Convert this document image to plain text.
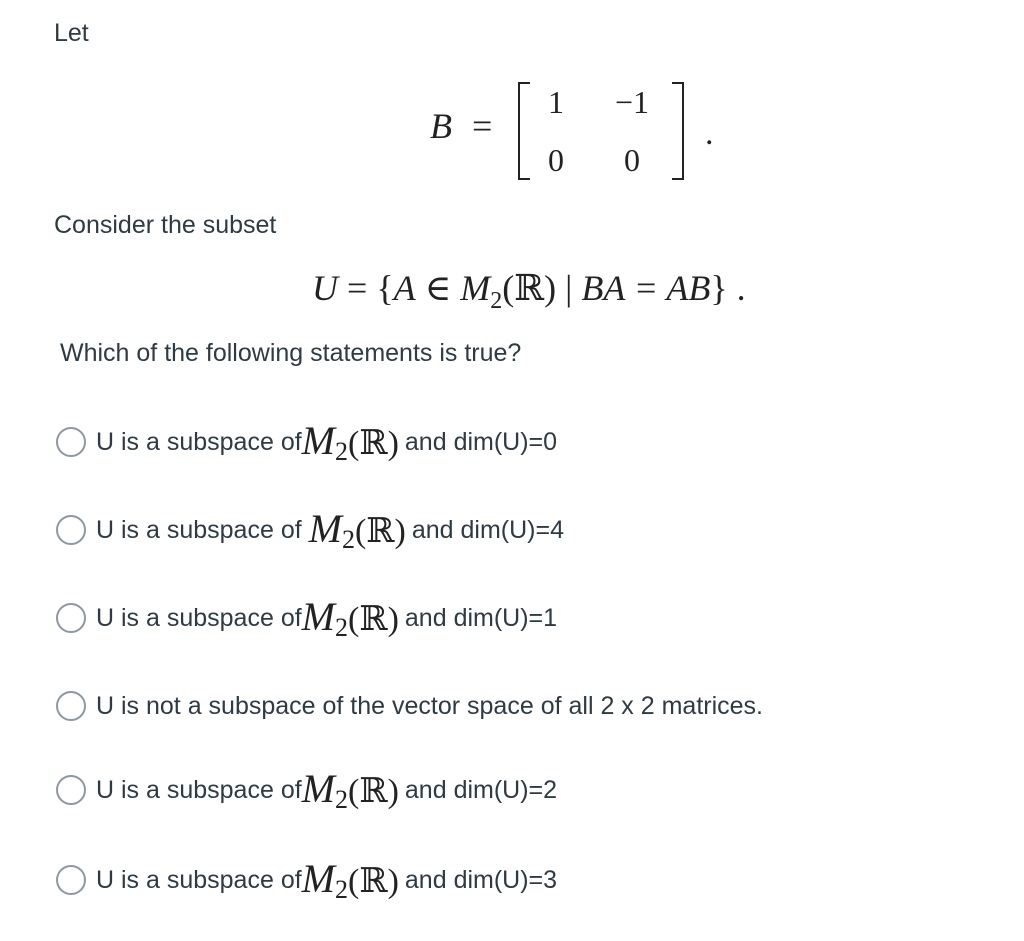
Let
B =
1	−1
0	0
.
Consider the subset
U = {A ∈ $M_2(ℝ)$ | BA = AB} .
Which of the following statements is true?
U is a subspace of $M_2(ℝ)$ and dim(U)=0
U is a subspace of $M_2(ℝ)$ and dim(U)=4
U is a subspace of $M_2(ℝ)$ and dim(U)=1
U is not a subspace of the vector space of all 2 x 2 matrices.
U is a subspace of $M_2(ℝ)$ and dim(U)=2
U is a subspace of $M_2(ℝ)$ and dim(U)=3
